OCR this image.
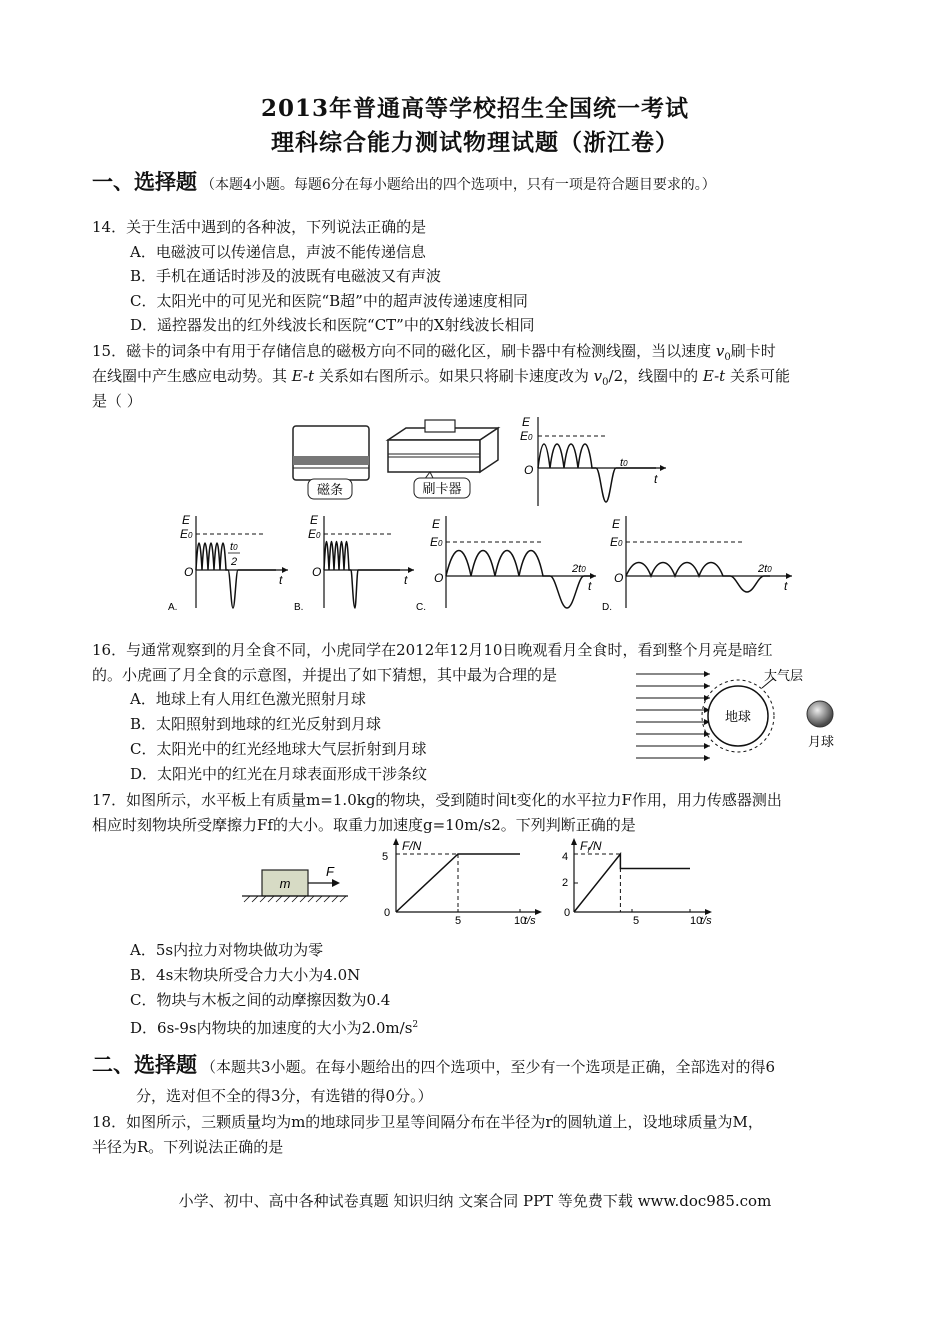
2013年普通高等学校招生全国统一考试
理科综合能力测试物理试题（浙江卷）
一、选择题 （本题4小题。每题6分在每小题给出的四个选项中，只有一项是符合题目要求的。）
14．关于生活中遇到的各种波，下列说法正确的是
A．电磁波可以传递信息，声波不能传递信息
B．手机在通话时涉及的波既有电磁波又有声波
C．太阳光中的可见光和医院“B超”中的超声波传递速度相同
D．遥控器发出的红外线波长和医院“CT”中的X射线波长相同
15．磁卡的词条中有用于存储信息的磁极方向不同的磁化区，刷卡器中有检测线圈，当以速度 $v_0$刷卡时
在线圈中产生感应电动势。其 E-t 关系如右图所示。如果只将刷卡速度改为 $v_0/2$，线圈中的 E-t 关系可能
是（ ）
磁条	刷卡器
E
E0
O	t0
t
E
E0
O
t0
2
t
A.
E
E0
O
t
B.
E
E0
O
2t0
t
C.
E
E0
O
2t0
t
D.
16．与通常观察到的月全食不同，小虎同学在2012年12月10日晚观看月全食时，看到整个月亮是暗红
的。小虎画了月全食的示意图，并提出了如下猜想，其中最为合理的是
A．地球上有人用红色激光照射月球
B．太阳照射到地球的红光反射到月球
C．太阳光中的红光经地球大气层折射到月球
D．太阳光中的红光在月球表面形成干涉条纹
地球
大气层
月球
17．如图所示，水平板上有质量m=1.0kg的物块，受到随时间t变化的水平拉力F作用，用力传感器测出
相应时刻物块所受摩擦力Ff的大小。取重力加速度g=10m/s2。下列判断正确的是
m
F
F/N
t/s
5
0
5	10
$F_f/N$
t/s
4
2
0
5	10
A．5s内拉力对物块做功为零
B．4s末物块所受合力大小为4.0N
C．物块与木板之间的动摩擦因数为0.4
D．6s-9s内物块的加速度的大小为$2.0m/s^2$
二、选择题 （本题共3小题。在每小题给出的四个选项中，至少有一个选项是正确，全部选对的得6
分，选对但不全的得3分，有选错的得0分。）
18．如图所示，三颗质量均为m的地球同步卫星等间隔分布在半径为r的圆轨道上，设地球质量为M，
半径为R。下列说法正确的是
小学、初中、高中各种试卷真题 知识归纳 文案合同 PPT 等免费下载 www.doc985.com
